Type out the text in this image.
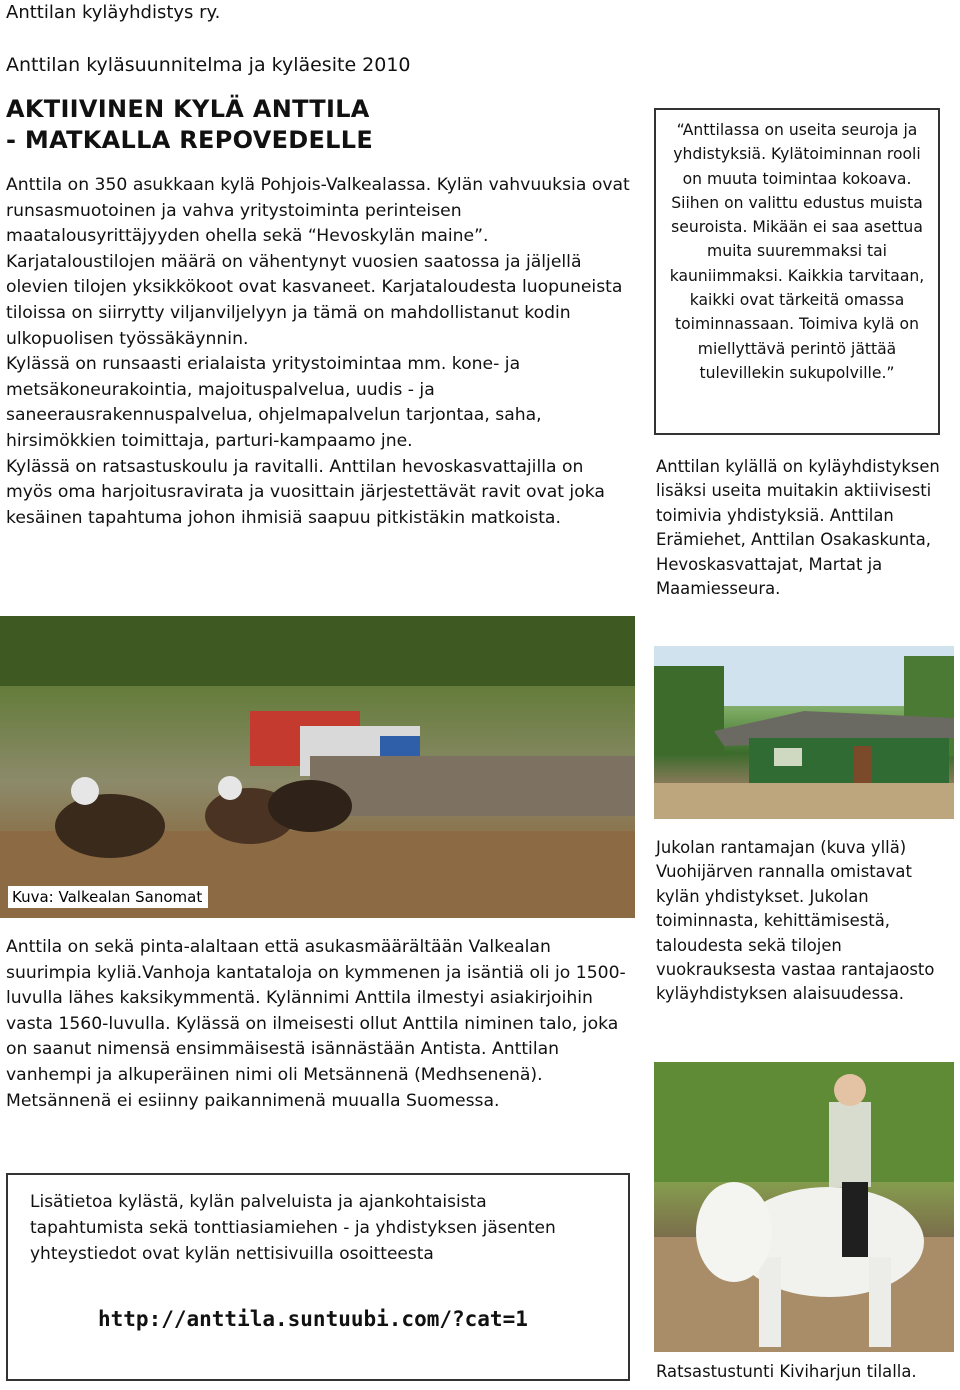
Anttilan kyläyhdistys ry.
Anttilan kyläsuunnitelma ja kyläesite 2010
AKTIIVINEN KYLÄ ANTTILA
- MATKALLA REPOVEDELLE

Anttila on 350 asukkaan kylä Pohjois-Valkealassa. Kylän vahvuuksia ovat runsasmuotoinen ja vahva yritystoiminta perinteisen maatalousyrittäjyyden ohella sekä “Hevoskylän maine”.

Karjataloustilojen määrä on vähentynyt vuosien saatossa ja jäljellä olevien tilojen yksikkökoot ovat kasvaneet. Karjataloudesta luopuneista tiloissa on siirrytty viljanviljelyyn ja tämä on mahdollistanut kodin ulkopuolisen työssäkäynnin.

Kylässä on runsaasti erialaista yritystoimintaa mm. kone- ja metsäkoneurakointia, majoituspalvelua, uudis - ja saneerausrakennuspalvelua, ohjelmapalvelun tarjontaa, saha, hirsimökkien toimittaja, parturi-kampaamo jne.

Kylässä on ratsastuskoulu ja ravitalli. Anttilan hevoskasvattajilla on myös oma harjoitusravirata ja vuosittain järjestettävät ravit ovat joka kesäinen tapahtuma johon ihmisiä saapuu pitkistäkin matkoista.

“Anttilassa on useita seuroja ja yhdistyksiä. Kylätoiminnan rooli on muuta toimintaa kokoava. Siihen on valittu edustus muista seuroista. Mikään ei saa asettua muita suuremmaksi tai kauniimmaksi. Kaikkia tarvitaan, kaikki ovat tärkeitä omassa toiminnassaan. Toimiva kylä on miellyttävä perintö jättää tulevillekin sukupolville.”
Anttilan kylällä on kyläyhdistyksen lisäksi useita muitakin aktiivisesti toimivia yhdistyksiä. Anttilan Erämiehet, Anttilan Osakaskunta, Hevoskasvattajat, Martat ja Maamiesseura.
Kuva: Valkealan Sanomat
Jukolan rantamajan (kuva yllä) Vuohijärven rannalla omistavat kylän yhdistykset. Jukolan toiminnasta, kehittämisestä, taloudesta sekä tilojen vuokrauksesta vastaa rantajaosto kyläyhdistyksen alaisuudessa.

Anttila on sekä pinta-alaltaan että asukasmäärältään Valkealan suurimpia kyliä.Vanhoja kantataloja on kymmenen ja isäntiä oli jo 1500-luvulla lähes kaksikymmentä. Kylännimi Anttila ilmestyi asiakirjoihin vasta 1560-luvulla. Kylässä on ilmeisesti ollut Anttila niminen talo, joka on saanut nimensä ensimmäisestä isännästään Antista. Anttilan vanhempi ja alkuperäinen nimi oli Metsännenä (Medhsenenä). Metsännenä ei esiinny paikannimenä muualla Suomessa.

Lisätietoa kylästä, kylän palveluista ja ajankohtaisista tapahtumista sekä tonttiasiamiehen - ja yhdistyksen jäsenten yhteystiedot ovat kylän nettisivuilla osoitteesta
http://anttila.suntuubi.com/?cat=1
Ratsastustunti Kiviharjun tilalla.
